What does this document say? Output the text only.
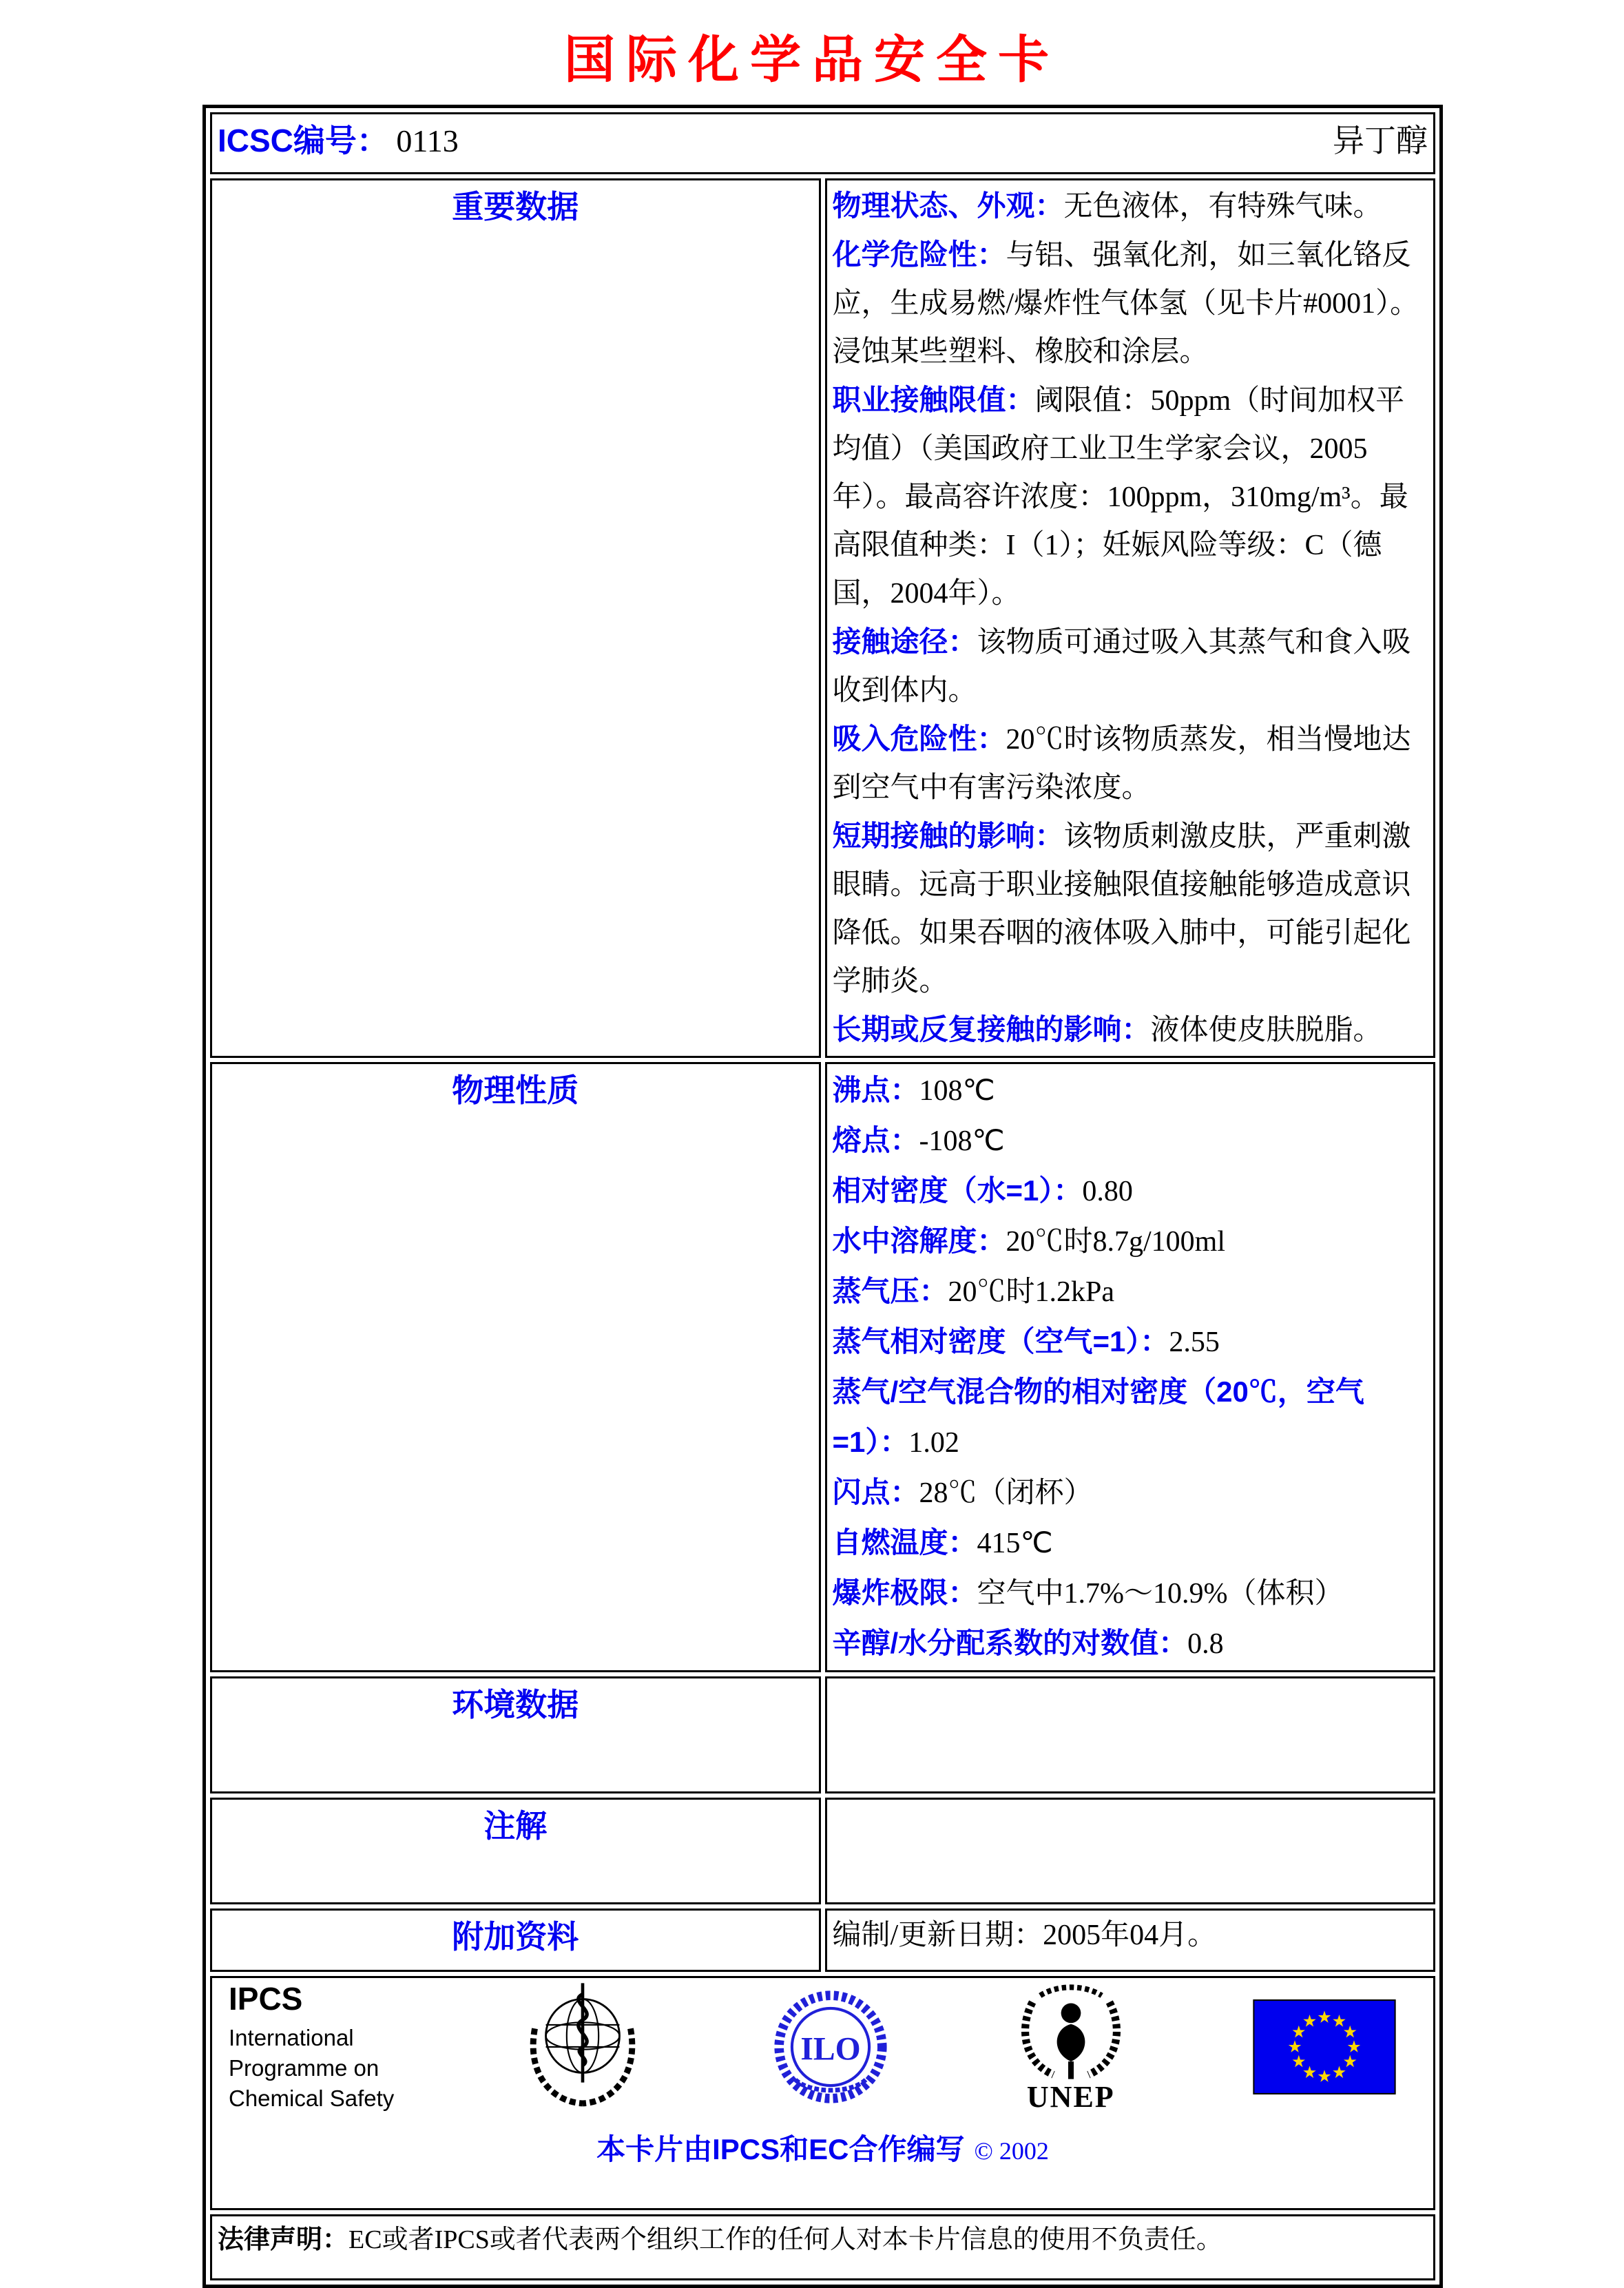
国际化学品安全卡
ICSC编号： 0113 异丁醇	

重要数据	物理状态、外观：无色液体，有特殊气味。
化学危险性：与铝、强氧化剂，如三氧化铬反应，生成易燃/爆炸性气体氢（见卡片#0001）。浸蚀某些塑料、橡胶和涂层。
职业接触限值：阈限值：50ppm（时间加权平均值）（美国政府工业卫生学家会议，2005年）。最高容许浓度：100ppm，310mg/m³。最高限值种类：I（1）；妊娠风险等级：C（德国，2004年）。
接触途径：该物质可通过吸入其蒸气和食入吸收到体内。
吸入危险性：20℃时该物质蒸发，相当慢地达到空气中有害污染浓度。
短期接触的影响：该物质刺激皮肤，严重刺激眼睛。远高于职业接触限值接触能够造成意识降低。如果吞咽的液体吸入肺中，可能引起化学肺炎。
长期或反复接触的影响：液体使皮肤脱脂。

物理性质	沸点：108℃
熔点：-108℃
相对密度（水=1）：0.80
水中溶解度：20℃时8.7g/100ml
蒸气压：20℃时1.2kPa
蒸气相对密度（空气=1）：2.55
蒸气/空气混合物的相对密度（20℃，空气=1）：1.02
闪点：28℃（闭杯）
自燃温度：415℃
爆炸极限：空气中1.7%～10.9%（体积）
辛醇/水分配系数的对数值：0.8

环境数据	
注解	
附加资料	编制/更新日期：2005年04月。

IPCS
International
Programme on
Chemical Safety
ILO
UNEP
本卡片由IPCS和EC合作编写 © 2002

法律声明：EC或者IPCS或者代表两个组织工作的任何人对本卡片信息的使用不负责任。	
